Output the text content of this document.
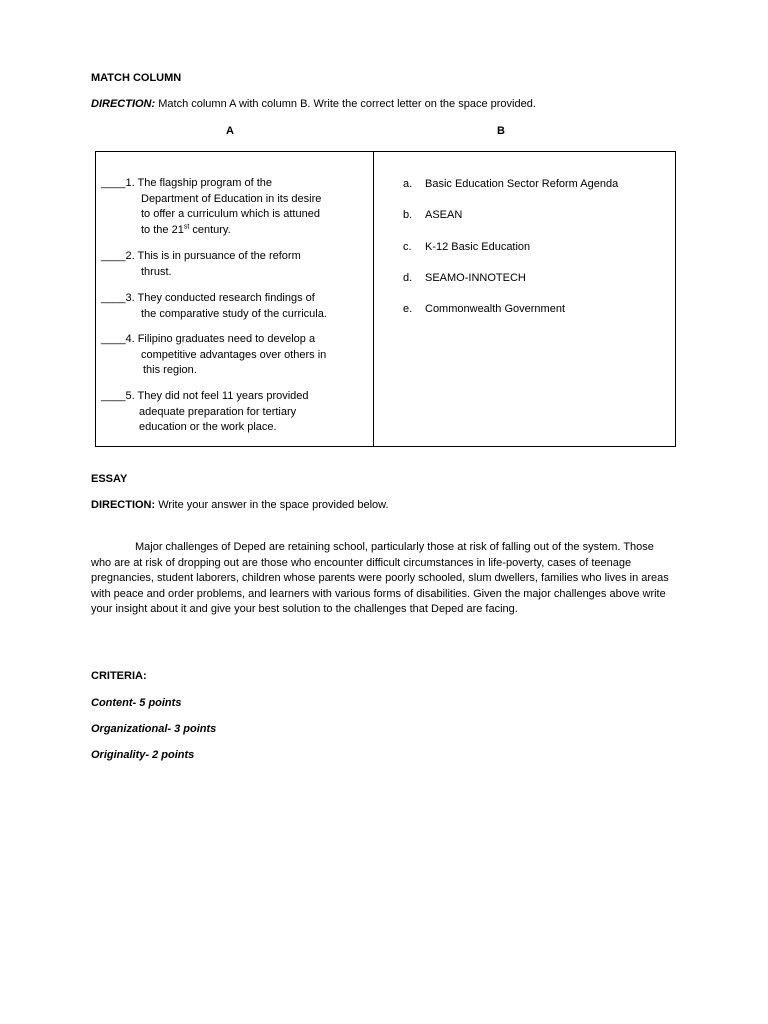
MATCH COLUMN
DIRECTION: Match column A with column B. Write the correct letter on the space provided.
A	B
____1. The flagship program of the
Department of Education in its desire
to offer a curriculum which is attuned
to the 21st century.
____2. This is in pursuance of the reform
thrust.
____3. They conducted research findings of
the comparative study of the curricula.
____4. Filipino graduates need to develop a
competitive advantages over others in
this region.
____5. They did not feel 11 years provided
adequate preparation for tertiary
education or the work place.
a. Basic Education Sector Reform Agenda
b. ASEAN
c. K-12 Basic Education
d. SEAMO-INNOTECH
e. Commonwealth Government
ESSAY
DIRECTION: Write your answer in the space provided below.

Major challenges of Deped are retaining school, particularly those at risk of falling out of the system. Those who are at risk of dropping out are those who encounter difficult circumstances in life-poverty, cases of teenage pregnancies, student laborers, children whose parents were poorly schooled, slum dwellers, families who lives in areas with peace and order problems, and learners with various forms of disabilities. Given the major challenges above write your insight about it and give your best solution to the challenges that Deped are facing.

CRITERIA:
Content- 5 points
Organizational- 3 points
Originality- 2 points
